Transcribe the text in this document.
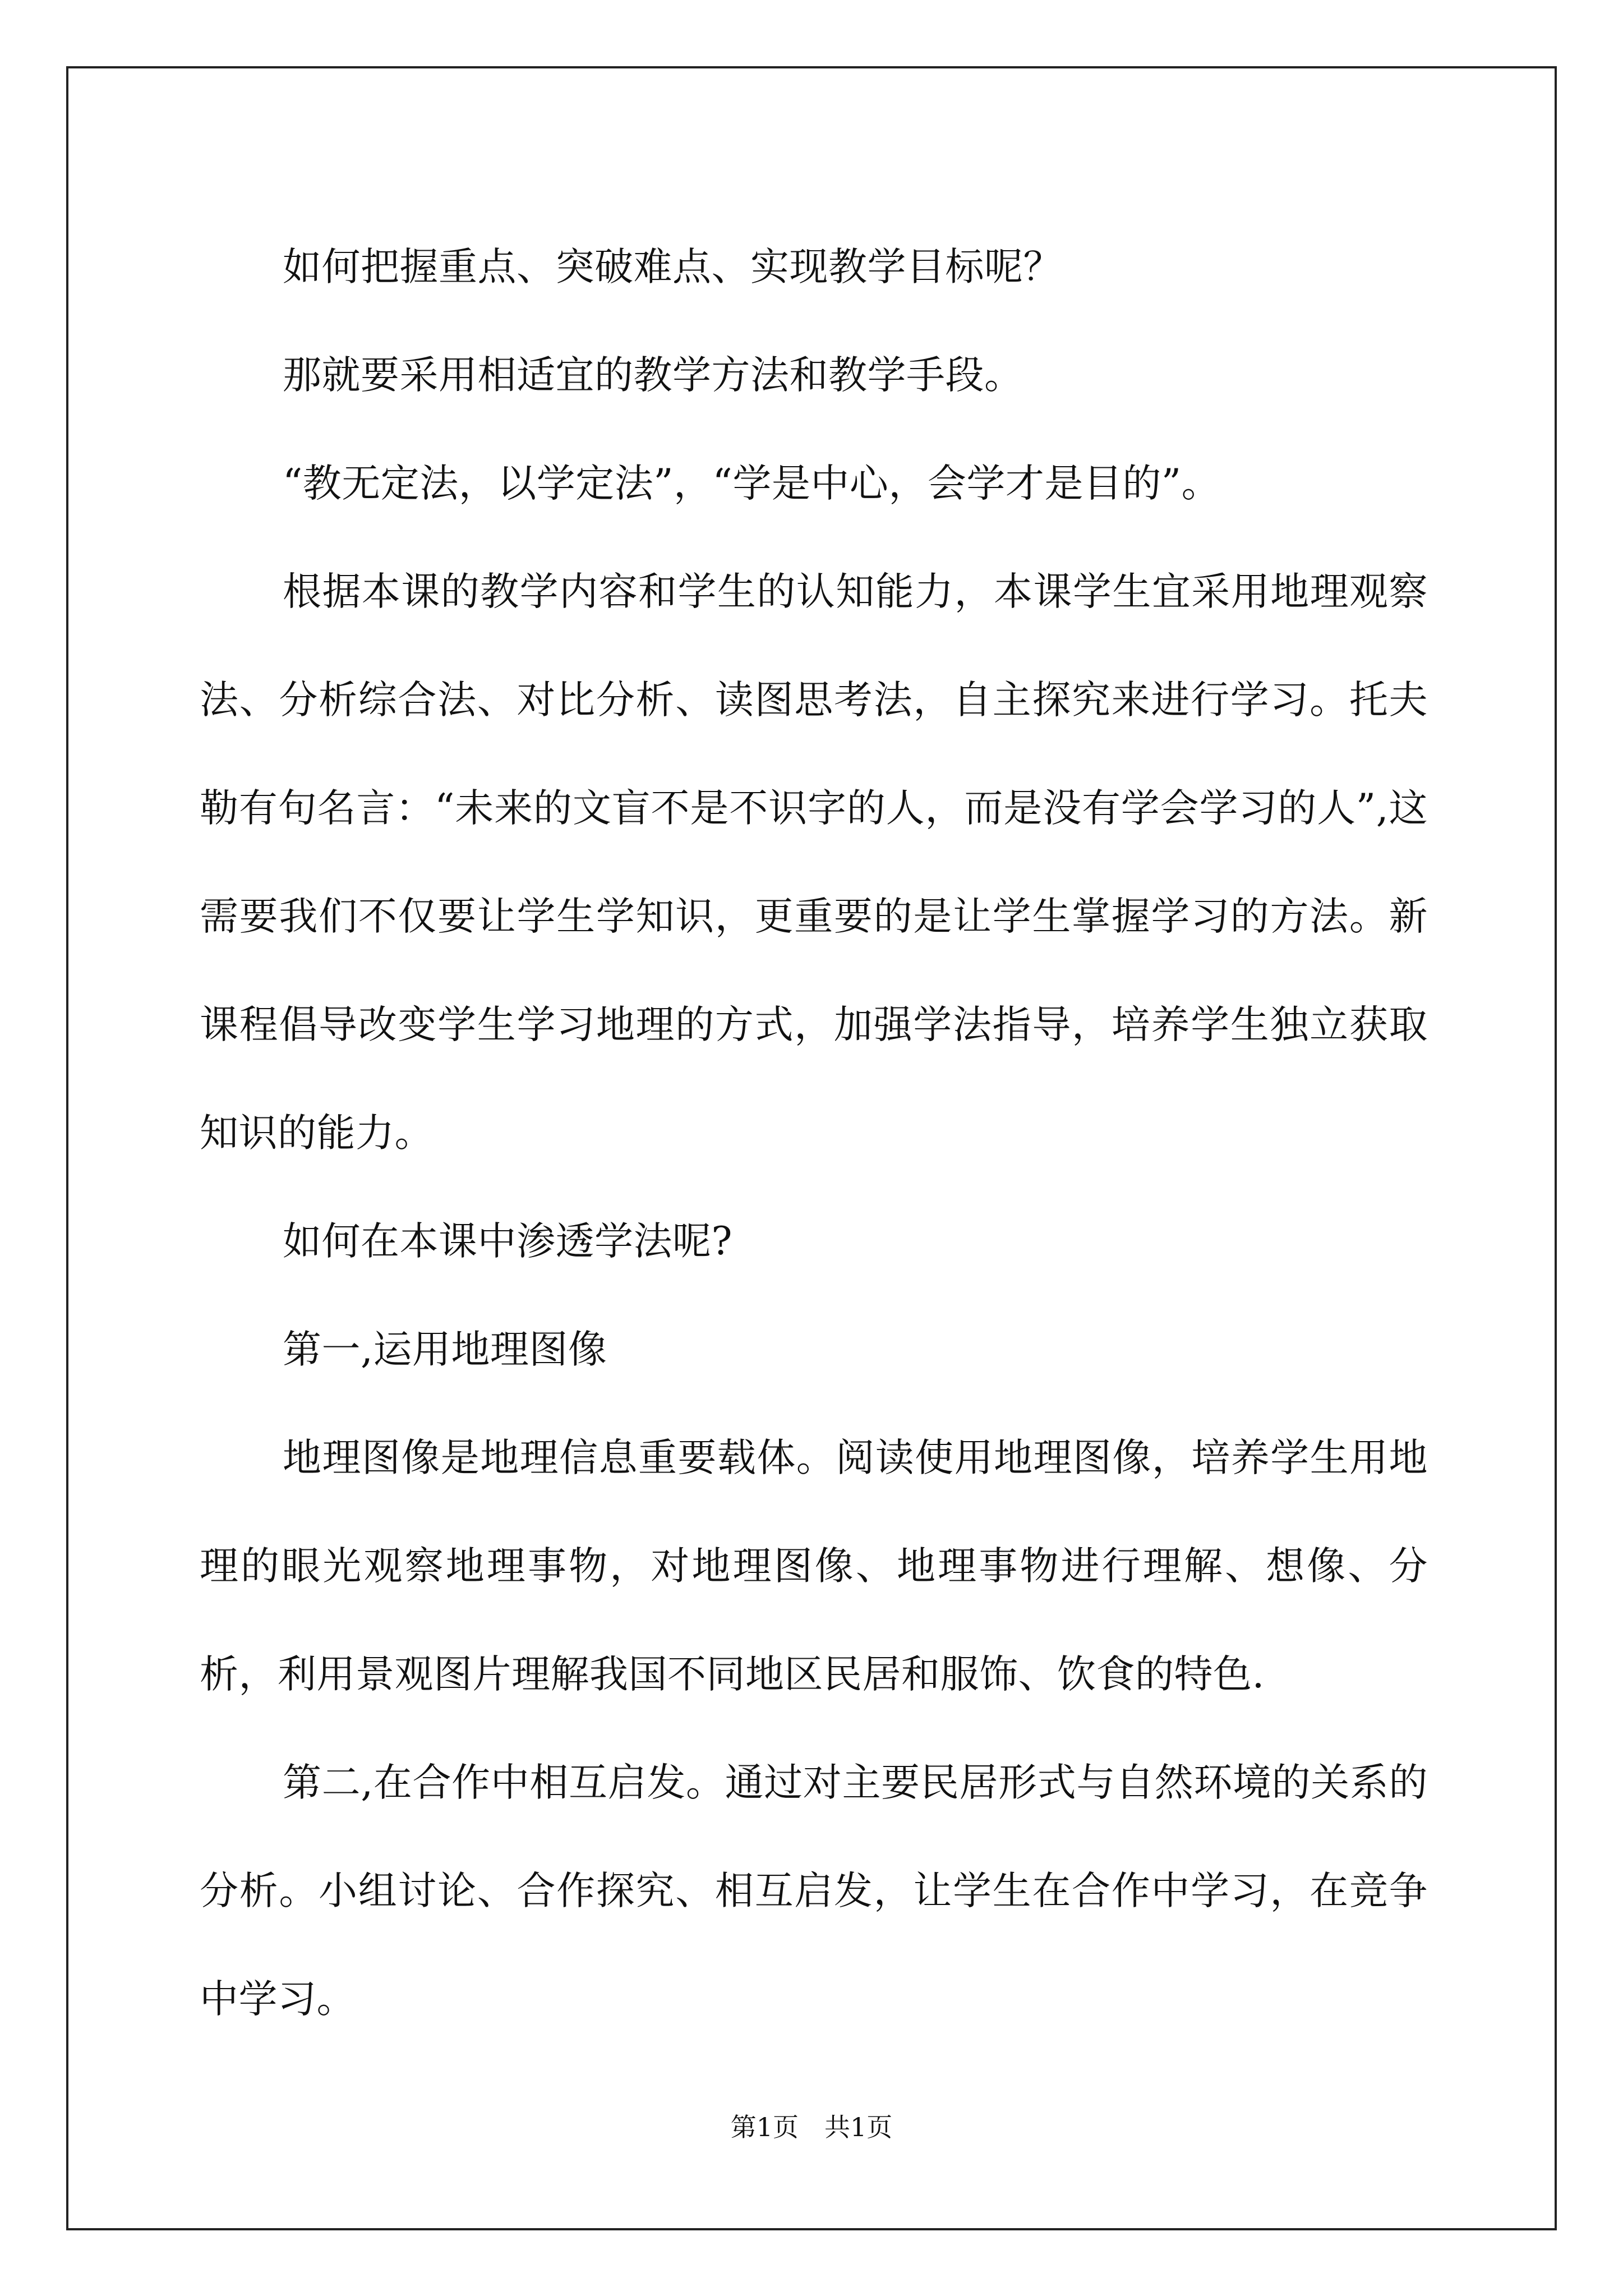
如何把握重点、突破难点、实现教学目标呢？

那就要采用相适宜的教学方法和教学手段。

“教无定法，以学定法”，“学是中心，会学才是目的”。

根据本课的教学内容和学生的认知能力，本课学生宜采用地理观察法、分析综合法、对比分析、读图思考法，自主探究来进行学习。托夫勒有句名言：“未来的文盲不是不识字的人，而是没有学会学习的人”,这需要我们不仅要让学生学知识，更重要的是让学生掌握学习的方法。新课程倡导改变学生学习地理的方式，加强学法指导，培养学生独立获取知识的能力。

如何在本课中渗透学法呢?

第一,运用地理图像

地理图像是地理信息重要载体。阅读使用地理图像，培养学生用地理的眼光观察地理事物，对地理图像、地理事物进行理解、想像、分析，利用景观图片理解我国不同地区民居和服饰、饮食的特色.

第二,在合作中相互启发。通过对主要民居形式与自然环境的关系的分析。小组讨论、合作探究、相互启发，让学生在合作中学习，在竞争中学习。

第1页　共1页
